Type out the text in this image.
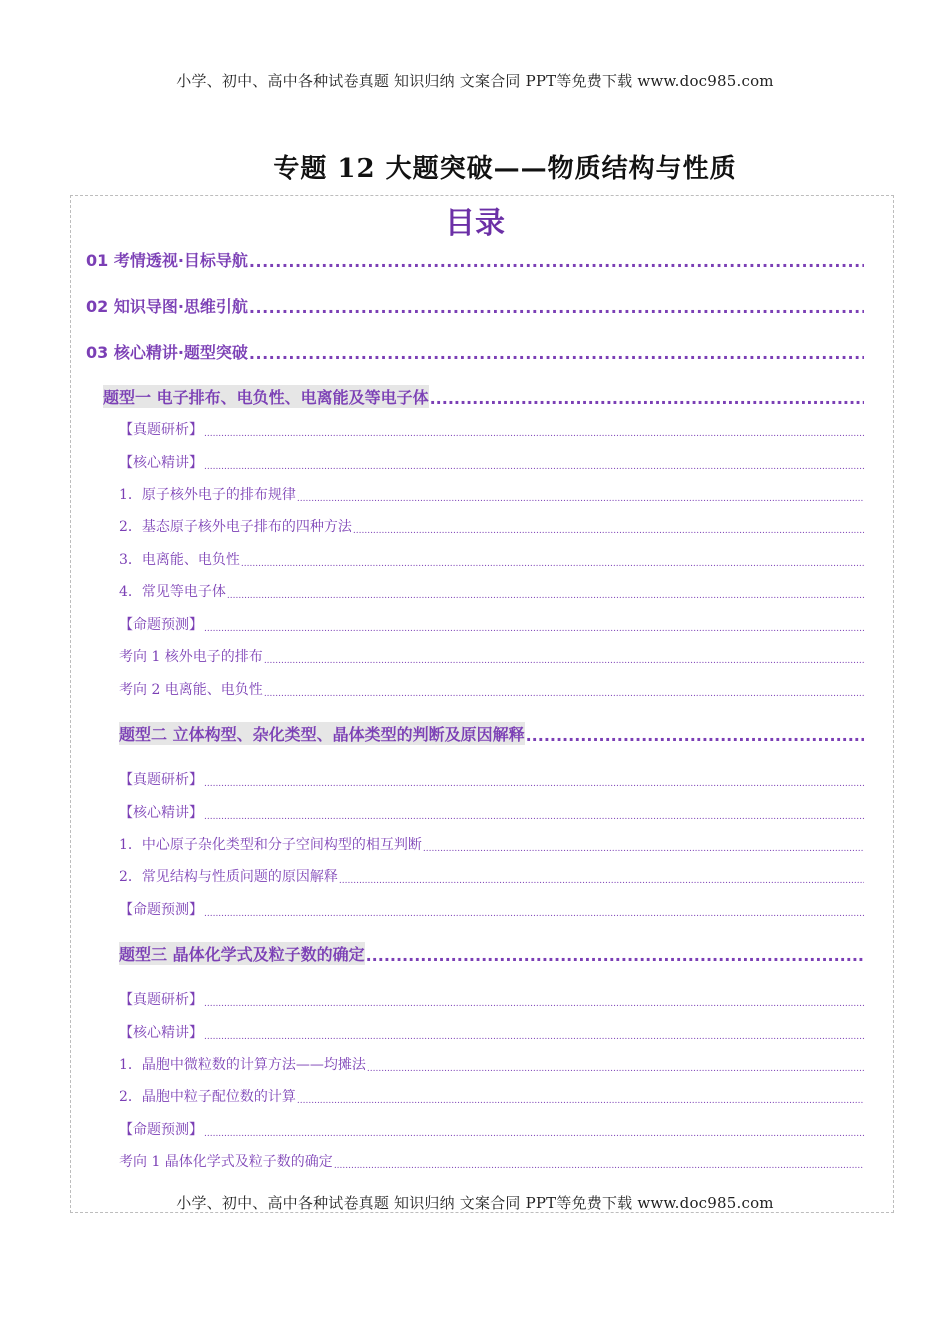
小学、初中、高中各种试卷真题 知识归纳 文案合同 PPT等免费下载 www.doc985.com
专题 12 大题突破——物质结构与性质
目录
01 考情透视·目标导航
.....
02 知识导图·思维引航
.....
03 核心精讲·题型突破
.....
题型一 电子排布、电负性、电离能及等电子体
.....
【真题研析】
.....
【核心精讲】
.....
1．原子核外电子的排布规律
.....
2．基态原子核外电子排布的四种方法
.....
3．电离能、电负性
.....
4．常见等电子体
.....
【命题预测】
.....
考向 1 核外电子的排布
.....
考向 2 电离能、电负性
.....
题型二 立体构型、杂化类型、晶体类型的判断及原因解释
.....
【真题研析】
.....
【核心精讲】
.....
1．中心原子杂化类型和分子空间构型的相互判断
.....
2．常见结构与性质问题的原因解释
.....
【命题预测】
.....
题型三 晶体化学式及粒子数的确定
.....
【真题研析】
.....
【核心精讲】
.....
1．晶胞中微粒数的计算方法——均摊法
.....
2．晶胞中粒子配位数的计算
.....
【命题预测】
.....
考向 1 晶体化学式及粒子数的确定
.....
小学、初中、高中各种试卷真题 知识归纳 文案合同 PPT等免费下载 www.doc985.com
